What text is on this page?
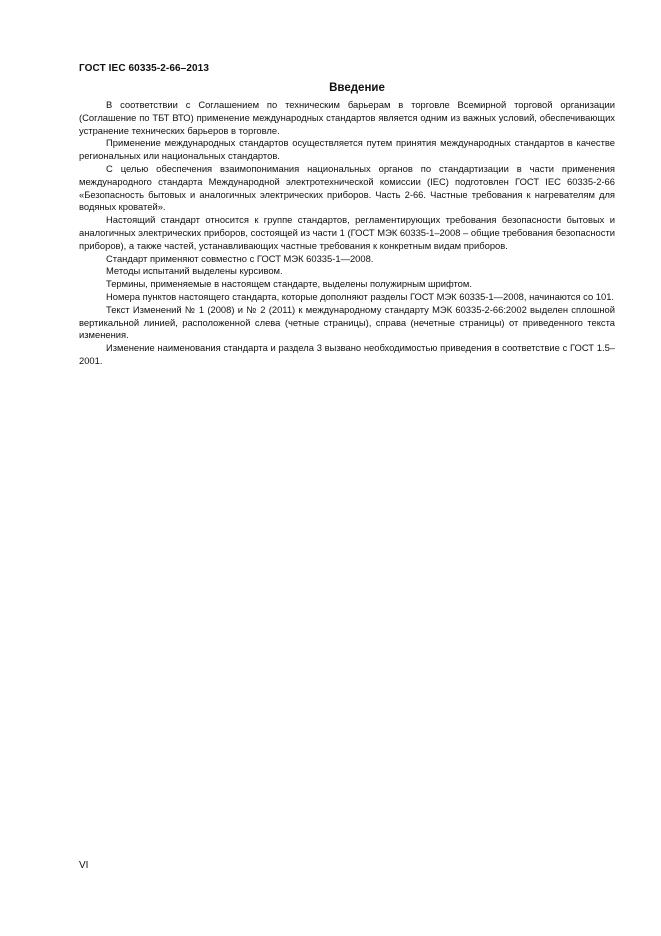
ГОСТ IEC 60335-2-66–2013
Введение

В соответствии с Соглашением по техническим барьерам в торговле Всемирной торговой организации (Соглашение по ТБТ ВТО) применение международных стандартов является одним из важных условий, обеспечивающих устранение технических барьеров в торговле.

Применение международных стандартов осуществляется путем принятия международных стандартов в качестве региональных или национальных стандартов.

С целью обеспечения взаимопонимания национальных органов по стандартизации в части применения международного стандарта Международной электротехнической комиссии (IEC) подготовлен ГОСТ IEC 60335-2-66 «Безопасность бытовых и аналогичных электрических приборов. Часть 2-66. Частные требования к нагревателям для водяных кроватей».

Настоящий стандарт относится к группе стандартов, регламентирующих требования безопасности бытовых и аналогичных электрических приборов, состоящей из части 1 (ГОСТ МЭК 60335-1–2008 – общие требования безопасности приборов), а также частей, устанавливающих частные требования к конкретным видам приборов.

Стандарт применяют совместно с ГОСТ МЭК 60335-1—2008.

Методы испытаний выделены курсивом.

Термины, применяемые в настоящем стандарте, выделены полужирным шрифтом.

Номера пунктов настоящего стандарта, которые дополняют разделы ГОСТ МЭК 60335-1—2008, начинаются со 101.

Текст Изменений № 1 (2008) и № 2 (2011) к международному стандарту МЭК 60335-2-66:2002 выделен сплошной вертикальной линией, расположенной слева (четные страницы), справа (нечетные страницы) от приведенного текста изменения.

Изменение наименования стандарта и раздела 3 вызвано необходимостью приведения в соответствие с ГОСТ 1.5–2001.

VI
